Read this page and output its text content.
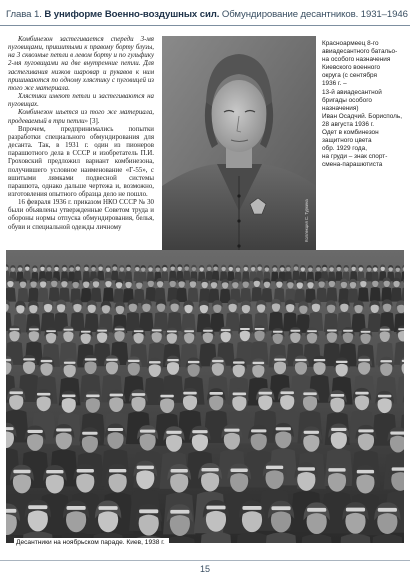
Глава 1. В униформе Военно-воздушных сил. Обмундирование десантников. 1931–1946

Комбинезон застегивается спереди 3-мя пуговицами, пришитыми к правому борту блузы, на 3 сквозные петли в левом борту и по гульфику 2-мя пуговицами на две внутренние петли. Для застегивания низков шаровар и рукавов к ним пришиваются по одному хлястику с пуговицей из того же материала.

Хлястики имеют петли и застегиваются на пуговицах.

Комбинезон шьется из того же материала, продеваемый в три петли» [3].

Впрочем, предпринимались попытки разработки специального обмундирования для десанта. Так, в 1931 г. один из пионеров парашютного дела в СССР и изобретатель П.И. Гроховский предложил вариант комбинезона, получившего условное наименование «Г-55», с вшитыми лямками подвесной системы парашюта, однако дальше чертежа и, возможно, изготовления опытного образца дело не пошло.

16 февраля 1936 г. приказом НКО СССР № 30 были объявлены утвержденные Советом труда и обороны нормы отпуска обмундирования, белья, обуви и специальной одежды личному	Коллекция С. Туркина
Красноармеец 8-го
авиадесантного батальо-
на особого назначения
Киевского военного
округа (с сентября
1936 г. –
13-й авиадесантной
бригады особого
назначения)
Иван Осадчий. Борисполь,
28 августа 1936 г.
Одет в комбинезон
защитного цвета
обр. 1929 года,
на груди – знак спорт-
смена-парашютиста
Десантники на ноябрьском параде. Киев, 1938 г.
15
